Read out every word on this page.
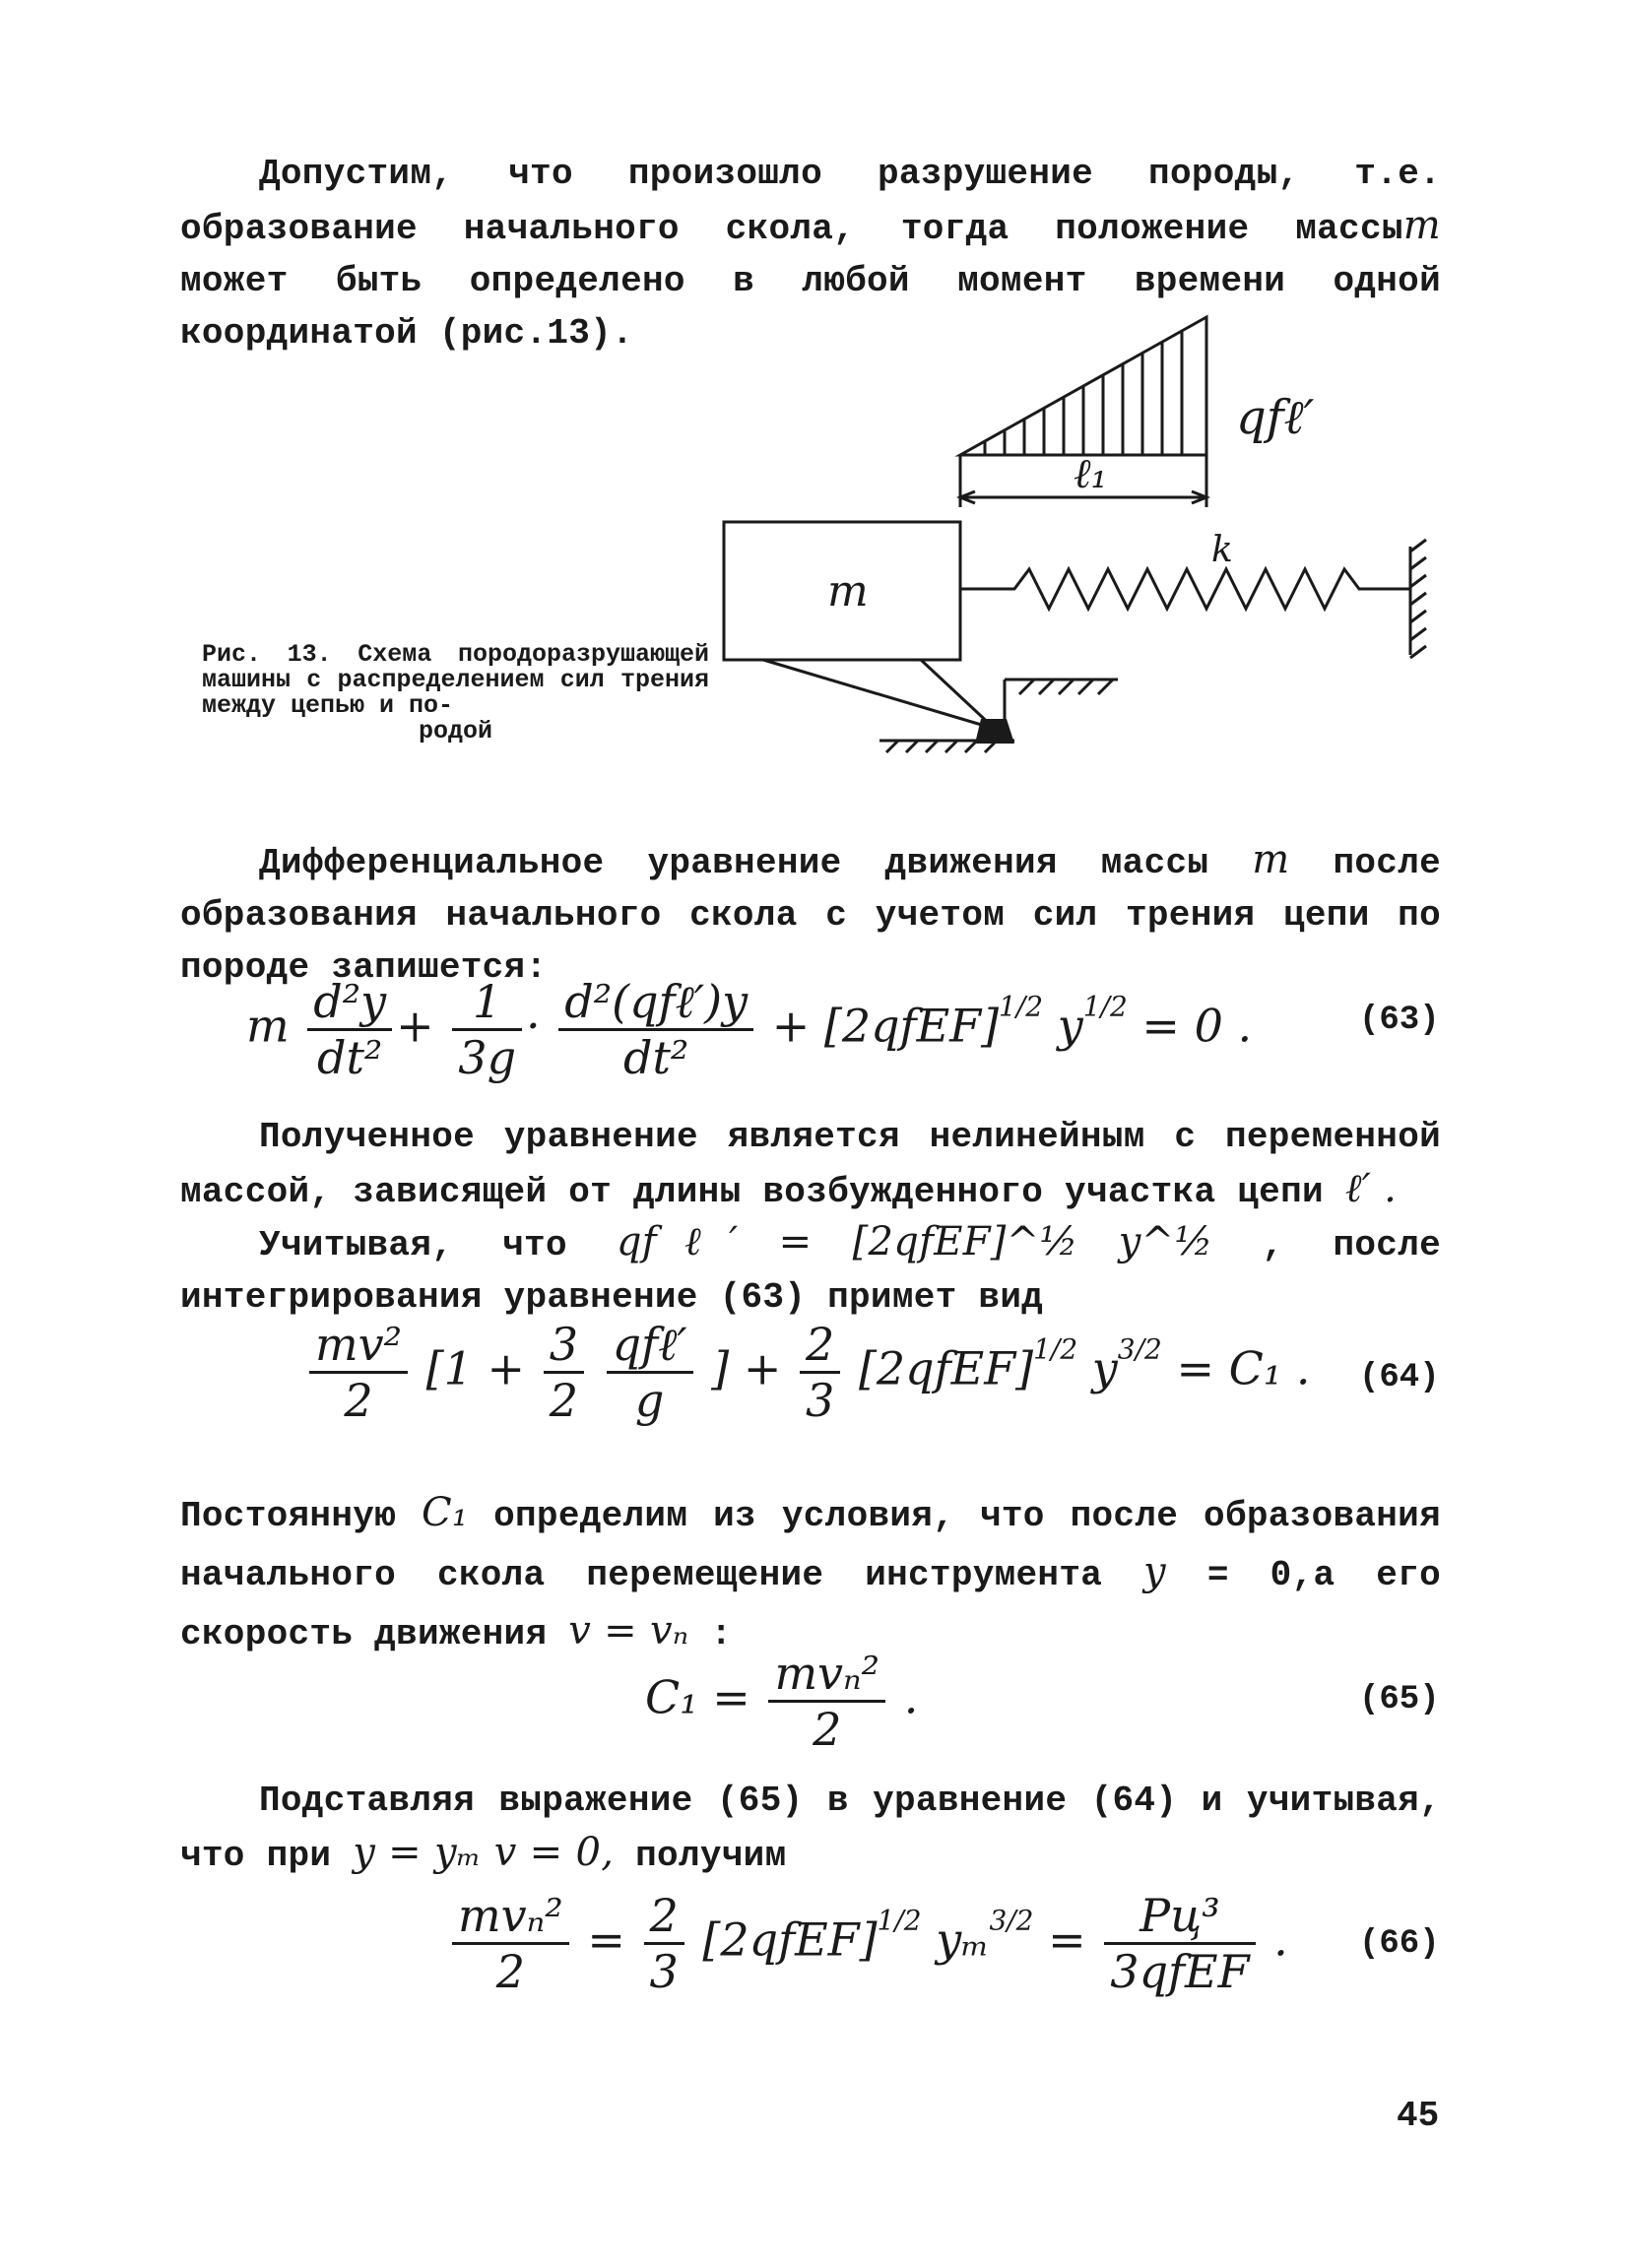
Допустим, что произошло разрушение породы, т.е. образование начального скола, тогда положение массыm может быть определено в любой момент времени одной координатой (рис.13).

m
k
qfℓ′
ℓ₁

Рис. 13. Схема породоразрушающей машины с распределением сил трения между цепью и по-
родой

Дифференциальное уравнение движения массы m после образования начального скола с учетом сил трения цепи по породе запишется:

m $\frac{\text{d²y}}{\text{dt²}} + \frac{1}{3g} \cdot \frac{\text{d²(qfℓ′)y}}{\text{dt²}}$ + [2qfEF]$^{1/2}$ $y^{1/2} = 0$ .	(63)

Полученное уравнение является нелинейным с переменной массой, зависящей от длины возбужденного участка цепи ℓ′ .

Учитывая, что qfℓ′ = [2qfEF]^½ y^½ , после интегрирования уравнение (63) примет вид

$\frac{\text{mv²}}{2} [1 + \frac{3}{2}$
$\frac{\text{qfℓ′}}{g}$ ] + $\frac{2}{3}$ [2qfEF]$^{1/2}$ $y^{3/2} = C_1$ . (64)

Постоянную C₁ определим из условия, что после образования начального скола перемещение инструмента y = 0,а его скорость движения v = vₙ :

$C_1 = \frac{\text{mvₙ²}}{2}$ .	(65)

Подставляя выражение (65) в уравнение (64) и учитывая, что при y = yₘ v = 0, получим

$\frac{\text{mvₙ²}}{2} = \frac{2}{3}$ [2qfEF]$^{1/2}$ $y_m^{3/2} = \frac{\text{Pц³}}{\text{3qfEF}}$ . (66)
45
